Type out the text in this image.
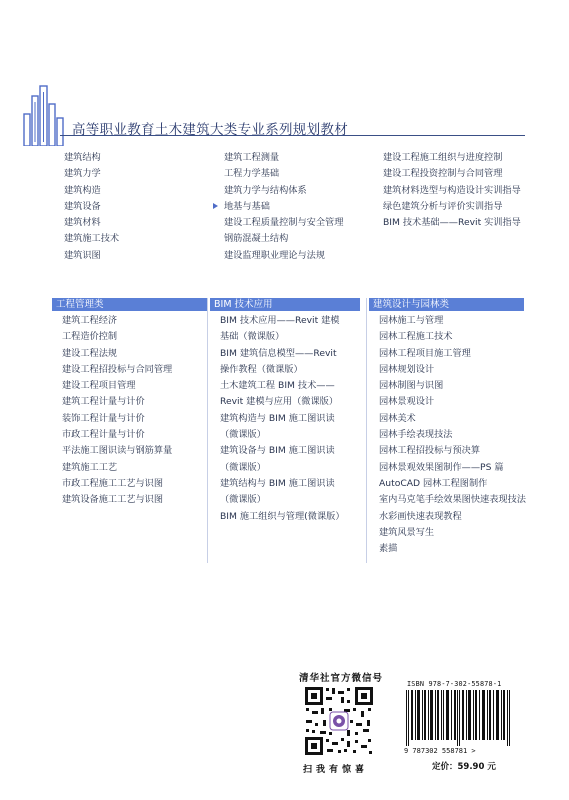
高等职业教育土木建筑大类专业系列规划教材
建筑结构
建筑力学
建筑构造
建筑设备
建筑材料
建筑施工技术
建筑识图
建筑工程测量
工程力学基础
建筑力学与结构体系
地基与基础
建设工程质量控制与安全管理
钢筋混凝土结构
建设监理职业理论与法规
建设工程施工组织与进度控制
建设工程投资控制与合同管理
建筑材料选型与构造设计实训指导
绿色建筑分析与评价实训指导
BIM 技术基础——Revit 实训指导
工程管理类
建筑工程经济
工程造价控制
建设工程法规
建设工程招投标与合同管理
建设工程项目管理
建筑工程计量与计价
装饰工程计量与计价
市政工程计量与计价
平法施工图识读与钢筋算量
建筑施工工艺
市政工程施工工艺与识图
建筑设备施工工艺与识图
BIM 技术应用
BIM 技术应用——Revit 建模
基础（微课版）
BIM 建筑信息模型——Revit
操作教程（微课版）
土木建筑工程 BIM 技术——
Revit 建模与应用（微课版）
建筑构造与 BIM 施工图识读
（微课版）
建筑设备与 BIM 施工图识读
（微课版）
建筑结构与 BIM 施工图识读
（微课版）
BIM 施工组织与管理(微课版）
建筑设计与园林类
园林施工与管理
园林工程施工技术
园林工程项目施工管理
园林规划设计
园林制图与识图
园林景观设计
园林美术
园林手绘表现技法
园林工程招投标与预决算
园林景观效果图制作——PS 篇
AutoCAD 园林工程图制作
室内马克笔手绘效果图快速表现技法
水彩画快速表现教程
建筑风景写生
素描
清华社官方微信号
扫我有惊喜
ISBN 978-7-302-55878-1
9 787302 558781 >
定价：59.90 元
